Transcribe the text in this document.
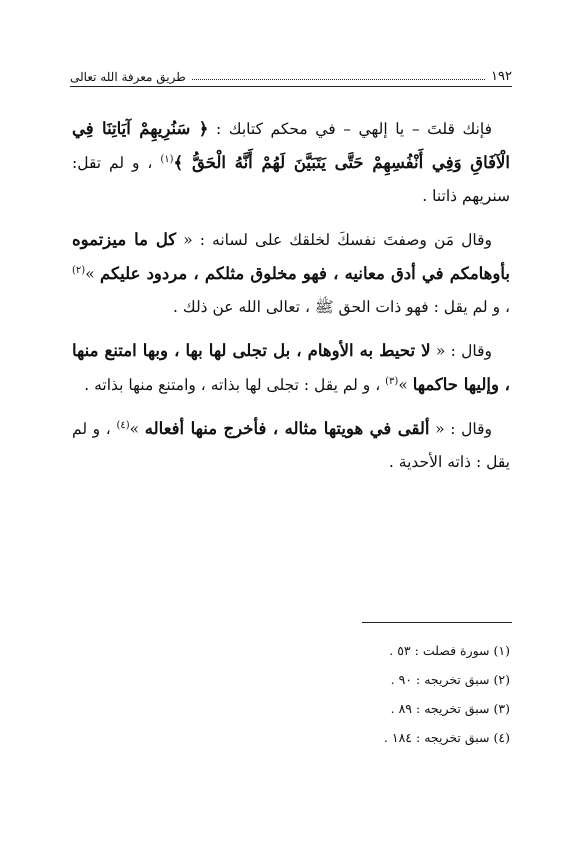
١٩٢
طريق معرفة الله تعالى

فإنك قلتَ – يا إلهي – في محكم كتابك : ﴿ سَنُرِيهِمْ آيَاتِنَا فِي الْآفَاقِ وَفِي أَنْفُسِهِمْ حَتَّى يَتَبَيَّنَ لَهُمْ أَنَّهُ الْحَقُّ ﴾$^{(١)}$ ، و لم تقل: سنريهم ذاتنا .

وقال مَن وصفتَ نفسكَ لخلقك على لسانه : « كل ما ميزتموه بأوهامكم في أدق معانيه ، فهو مخلوق مثلكم ، مردود عليكم »$^{(٢)}$ ، و لم يقل : فهو ذات الحق ﷺ ، تعالى الله عن ذلك .

وقال : « لا تحيط به الأوهام ، بل تجلى لها بها ، وبها امتنع منها ، وإليها حاكمها »$^{(٣)}$ ، و لم يقل : تجلى لها بذاته ، وامتنع منها بذاته .

وقال : « ألقى في هويتها مثاله ، فأخرج منها أفعاله »$^{(٤)}$ ، و لم يقل : ذاته الأحدية .

(١) سورة فصلت : ٥٣ .
(٢) سبق تخريجه : ٩٠ .
(٣) سبق تخريجه : ٨٩ .
(٤) سبق تخريجه : ١٨٤ .
